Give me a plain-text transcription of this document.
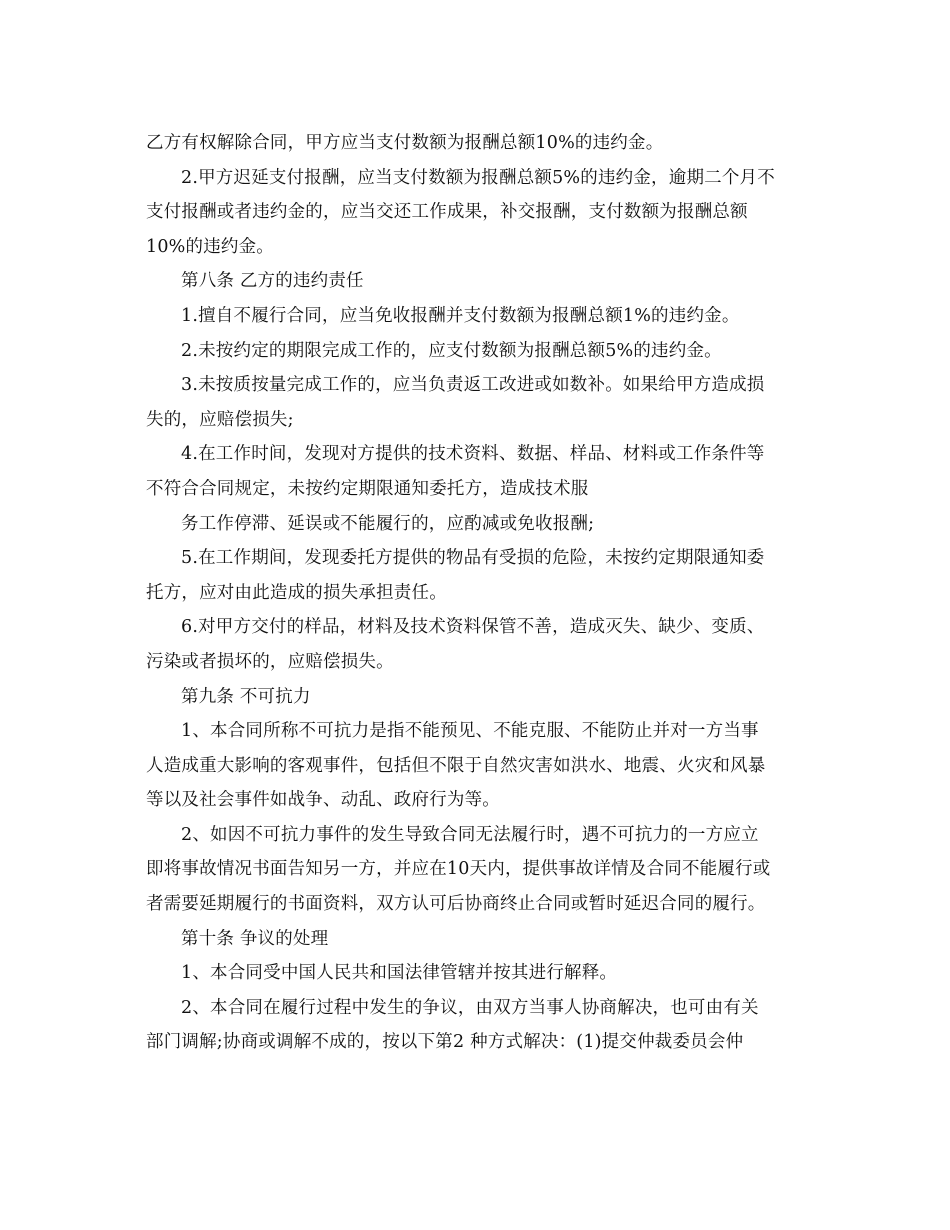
乙方有权解除合同，甲方应当支付数额为报酬总额10%的违约金。
2.甲方迟延支付报酬，应当支付数额为报酬总额5%的违约金，逾期二个月不
支付报酬或者违约金的，应当交还工作成果，补交报酬，支付数额为报酬总额
10%的违约金。
第八条 乙方的违约责任
1.擅自不履行合同，应当免收报酬并支付数额为报酬总额1%的违约金。
2.未按约定的期限完成工作的，应支付数额为报酬总额5%的违约金。
3.未按质按量完成工作的，应当负责返工改进或如数补。如果给甲方造成损
失的，应赔偿损失;
4.在工作时间，发现对方提供的技术资料、数据、样品、材料或工作条件等
不符合合同规定，未按约定期限通知委托方，造成技术服
务工作停滞、延误或不能履行的，应酌减或免收报酬;
5.在工作期间，发现委托方提供的物品有受损的危险，未按约定期限通知委
托方，应对由此造成的损失承担责任。
6.对甲方交付的样品，材料及技术资料保管不善，造成灭失、缺少、变质、
污染或者损坏的，应赔偿损失。
第九条 不可抗力
1、本合同所称不可抗力是指不能预见、不能克服、不能防止并对一方当事
人造成重大影响的客观事件，包括但不限于自然灾害如洪水、地震、火灾和风暴
等以及社会事件如战争、动乱、政府行为等。
2、如因不可抗力事件的发生导致合同无法履行时，遇不可抗力的一方应立
即将事故情况书面告知另一方，并应在10天内，提供事故详情及合同不能履行或
者需要延期履行的书面资料，双方认可后协商终止合同或暂时延迟合同的履行。
第十条 争议的处理
1、本合同受中国人民共和国法律管辖并按其进行解释。
2、本合同在履行过程中发生的争议，由双方当事人协商解决，也可由有关
部门调解;协商或调解不成的，按以下第2 种方式解决：(1)提交仲裁委员会仲
